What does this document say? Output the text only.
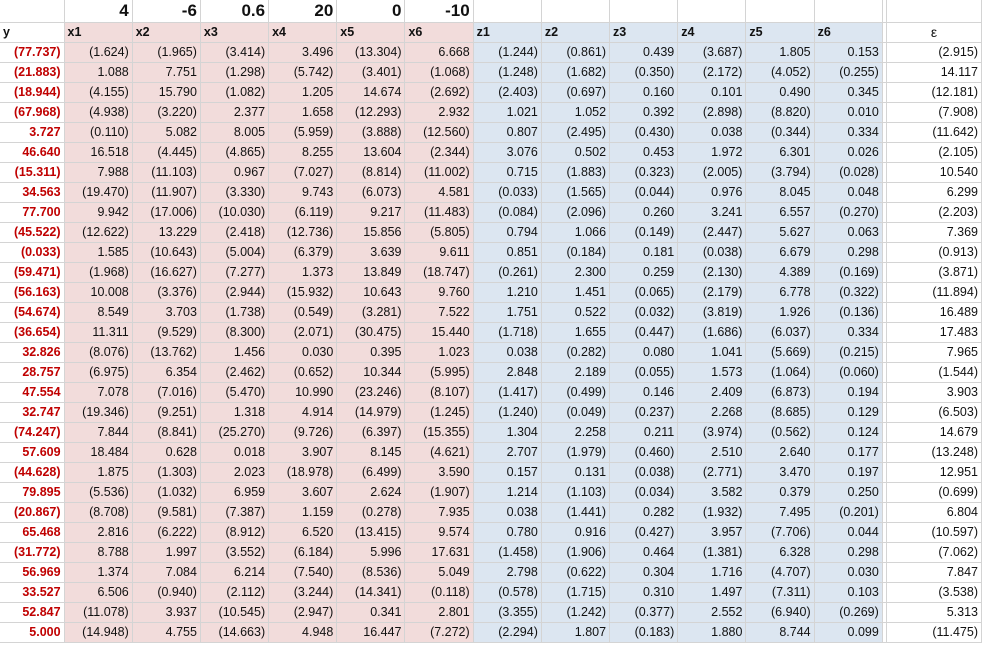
	4	-6	0.6	20	0	-10								
y	x1	x2	x3	x4	x5	x6	z1	z2	z3	z4	z5	z6		ε
(77.737)	(1.624)	(1.965)	(3.414)	3.496	(13.304)	6.668	(1.244)	(0.861)	0.439	(3.687)	1.805	0.153		(2.915)
(21.883)	1.088	7.751	(1.298)	(5.742)	(3.401)	(1.068)	(1.248)	(1.682)	(0.350)	(2.172)	(4.052)	(0.255)		14.117
(18.944)	(4.155)	15.790	(1.082)	1.205	14.674	(2.692)	(2.403)	(0.697)	0.160	0.101	0.490	0.345		(12.181)
(67.968)	(4.938)	(3.220)	2.377	1.658	(12.293)	2.932	1.021	1.052	0.392	(2.898)	(8.820)	0.010		(7.908)
3.727	(0.110)	5.082	8.005	(5.959)	(3.888)	(12.560)	0.807	(2.495)	(0.430)	0.038	(0.344)	0.334		(11.642)
46.640	16.518	(4.445)	(4.865)	8.255	13.604	(2.344)	3.076	0.502	0.453	1.972	6.301	0.026		(2.105)
(15.311)	7.988	(11.103)	0.967	(7.027)	(8.814)	(11.002)	0.715	(1.883)	(0.323)	(2.005)	(3.794)	(0.028)		10.540
34.563	(19.470)	(11.907)	(3.330)	9.743	(6.073)	4.581	(0.033)	(1.565)	(0.044)	0.976	8.045	0.048		6.299
77.700	9.942	(17.006)	(10.030)	(6.119)	9.217	(11.483)	(0.084)	(2.096)	0.260	3.241	6.557	(0.270)		(2.203)
(45.522)	(12.622)	13.229	(2.418)	(12.736)	15.856	(5.805)	0.794	1.066	(0.149)	(2.447)	5.627	0.063		7.369
(0.033)	1.585	(10.643)	(5.004)	(6.379)	3.639	9.611	0.851	(0.184)	0.181	(0.038)	6.679	0.298		(0.913)
(59.471)	(1.968)	(16.627)	(7.277)	1.373	13.849	(18.747)	(0.261)	2.300	0.259	(2.130)	4.389	(0.169)		(3.871)
(56.163)	10.008	(3.376)	(2.944)	(15.932)	10.643	9.760	1.210	1.451	(0.065)	(2.179)	6.778	(0.322)		(11.894)
(54.674)	8.549	3.703	(1.738)	(0.549)	(3.281)	7.522	1.751	0.522	(0.032)	(3.819)	1.926	(0.136)		16.489
(36.654)	11.311	(9.529)	(8.300)	(2.071)	(30.475)	15.440	(1.718)	1.655	(0.447)	(1.686)	(6.037)	0.334		17.483
32.826	(8.076)	(13.762)	1.456	0.030	0.395	1.023	0.038	(0.282)	0.080	1.041	(5.669)	(0.215)		7.965
28.757	(6.975)	6.354	(2.462)	(0.652)	10.344	(5.995)	2.848	2.189	(0.055)	1.573	(1.064)	(0.060)		(1.544)
47.554	7.078	(7.016)	(5.470)	10.990	(23.246)	(8.107)	(1.417)	(0.499)	0.146	2.409	(6.873)	0.194		3.903
32.747	(19.346)	(9.251)	1.318	4.914	(14.979)	(1.245)	(1.240)	(0.049)	(0.237)	2.268	(8.685)	0.129		(6.503)
(74.247)	7.844	(8.841)	(25.270)	(9.726)	(6.397)	(15.355)	1.304	2.258	0.211	(3.974)	(0.562)	0.124		14.679
57.609	18.484	0.628	0.018	3.907	8.145	(4.621)	2.707	(1.979)	(0.460)	2.510	2.640	0.177		(13.248)
(44.628)	1.875	(1.303)	2.023	(18.978)	(6.499)	3.590	0.157	0.131	(0.038)	(2.771)	3.470	0.197		12.951
79.895	(5.536)	(1.032)	6.959	3.607	2.624	(1.907)	1.214	(1.103)	(0.034)	3.582	0.379	0.250		(0.699)
(20.867)	(8.708)	(9.581)	(7.387)	1.159	(0.278)	7.935	0.038	(1.441)	0.282	(1.932)	7.495	(0.201)		6.804
65.468	2.816	(6.222)	(8.912)	6.520	(13.415)	9.574	0.780	0.916	(0.427)	3.957	(7.706)	0.044		(10.597)
(31.772)	8.788	1.997	(3.552)	(6.184)	5.996	17.631	(1.458)	(1.906)	0.464	(1.381)	6.328	0.298		(7.062)
56.969	1.374	7.084	6.214	(7.540)	(8.536)	5.049	2.798	(0.622)	0.304	1.716	(4.707)	0.030		7.847
33.527	6.506	(0.940)	(2.112)	(3.244)	(14.341)	(0.118)	(0.578)	(1.715)	0.310	1.497	(7.311)	0.103		(3.538)
52.847	(11.078)	3.937	(10.545)	(2.947)	0.341	2.801	(3.355)	(1.242)	(0.377)	2.552	(6.940)	(0.269)		5.313
5.000	(14.948)	4.755	(14.663)	4.948	16.447	(7.272)	(2.294)	1.807	(0.183)	1.880	8.744	0.099		(11.475)
